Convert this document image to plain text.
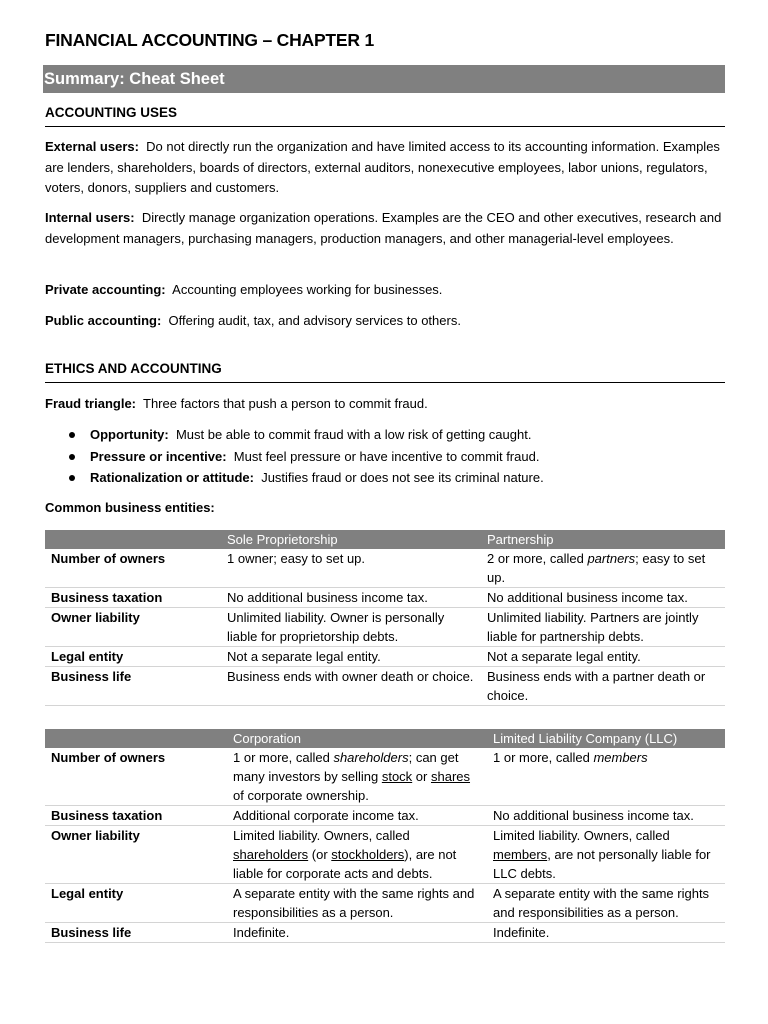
FINANCIAL ACCOUNTING – CHAPTER 1
Summary: Cheat Sheet
ACCOUNTING USES

External users: Do not directly run the organization and have limited access to its accounting information. Examples are lenders, shareholders, boards of directors, external auditors, nonexecutive employees, labor unions, regulators, voters, donors, suppliers and customers.

Internal users: Directly manage organization operations. Examples are the CEO and other executives, research and development managers, purchasing managers, production managers, and other managerial-level employees.

Private accounting: Accounting employees working for businesses.

Public accounting: Offering audit, tax, and advisory services to others.

ETHICS AND ACCOUNTING

Fraud triangle: Three factors that push a person to commit fraud.

Opportunity: Must be able to commit fraud with a low risk of getting caught.
Pressure or incentive: Must feel pressure or have incentive to commit fraud.
Rationalization or attitude: Justifies fraud or does not see its criminal nature.

Common business entities:

	Sole Proprietorship	Partnership
Number of owners	1 owner; easy to set up.	2 or more, called partners; easy to set up.
Business taxation	No additional business income tax.	No additional business income tax.
Owner liability	Unlimited liability. Owner is personally liable for proprietorship debts.	Unlimited liability. Partners are jointly liable for partnership debts.
Legal entity	Not a separate legal entity.	Not a separate legal entity.
Business life	Business ends with owner death or choice.	Business ends with a partner death or choice.
	Corporation	Limited Liability Company (LLC)
Number of owners	1 or more, called shareholders; can get many investors by selling stock or shares of corporate ownership.	1 or more, called members
Business taxation	Additional corporate income tax.	No additional business income tax.
Owner liability	Limited liability. Owners, called shareholders (or stockholders), are not liable for corporate acts and debts.	Limited liability. Owners, called members, are not personally liable for LLC debts.
Legal entity	A separate entity with the same rights and responsibilities as a person.	A separate entity with the same rights and responsibilities as a person.
Business life	Indefinite.	Indefinite.
